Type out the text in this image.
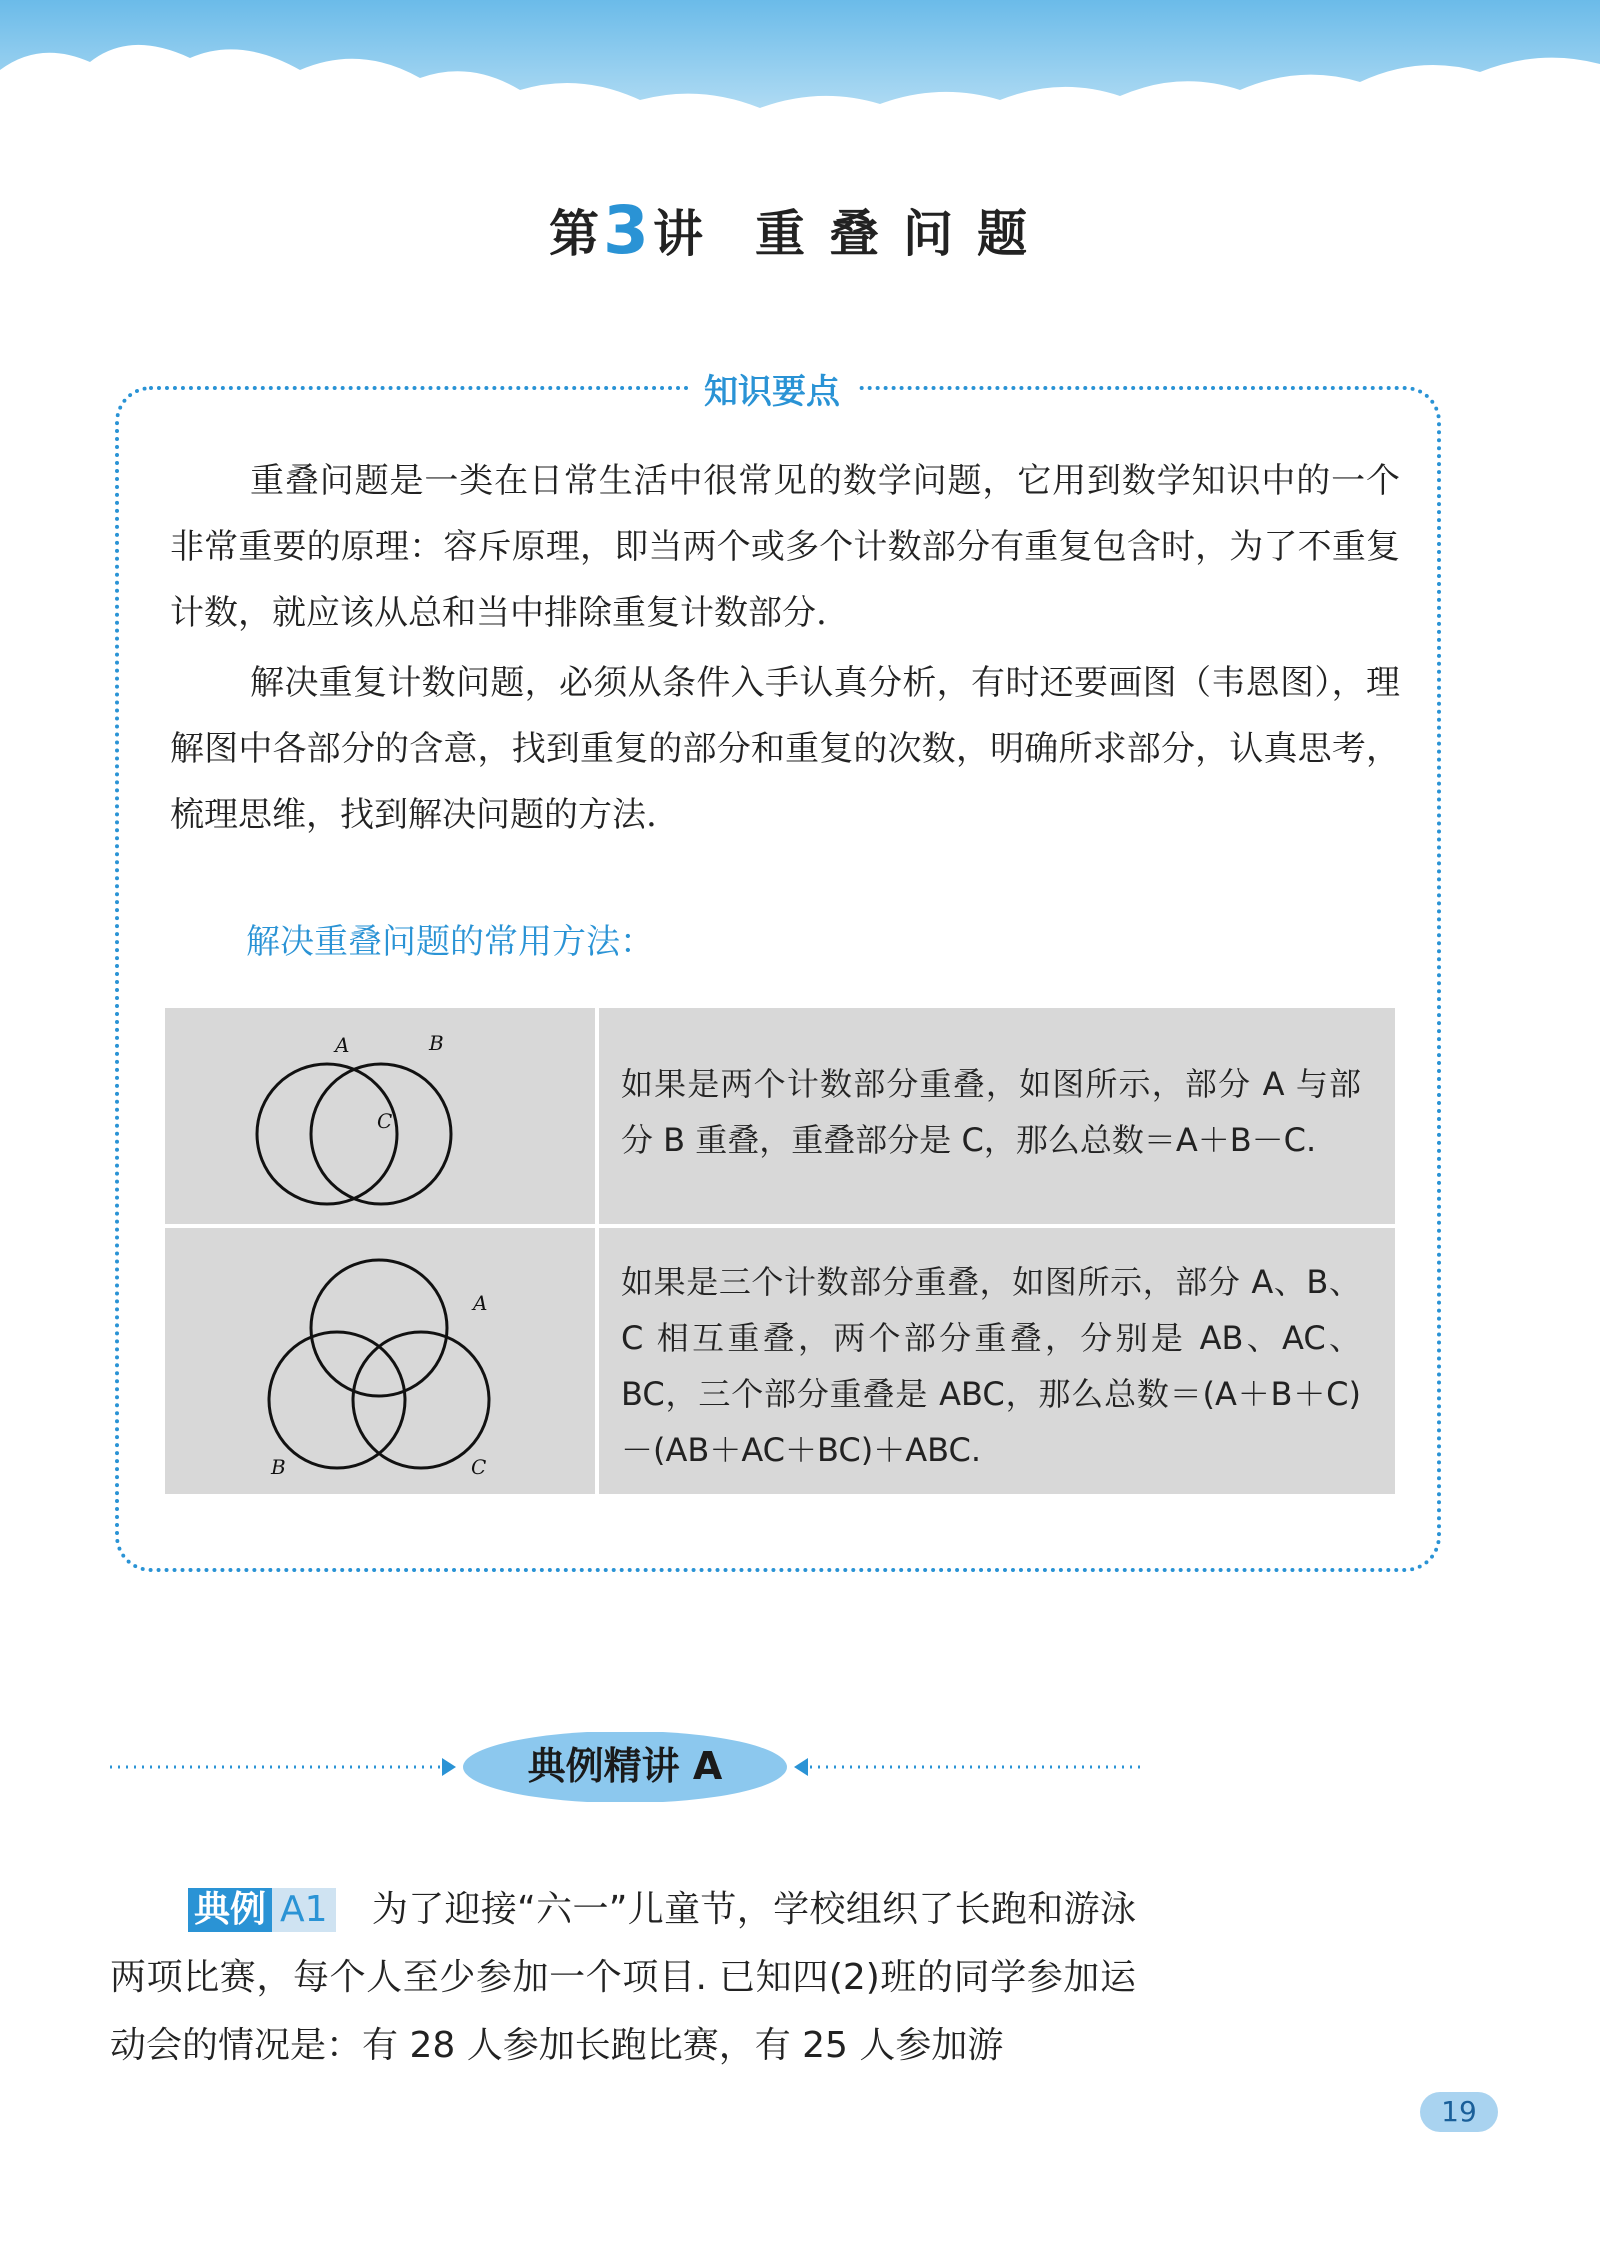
第3讲 重叠问题
知识要点
重叠问题是一类在日常生活中很常见的数学问题，它用到数学知识中的一个非常重要的原理：容斥原理，即当两个或多个计数部分有重复包含时，为了不重复计数，就应该从总和当中排除重复计数部分.
解决重复计数问题，必须从条件入手认真分析，有时还要画图（韦恩图），理解图中各部分的含意，找到重复的部分和重复的次数，明确所求部分，认真思考，梳理思维，找到解决问题的方法.
解决重叠问题的常用方法：
A	B
C
如果是两个计数部分重叠，如图所示，部分 A 与部分 B 重叠，重叠部分是 C，那么总数＝A＋B－C.
A
B	C
如果是三个计数部分重叠，如图所示，部分 A、B、C 相互重叠，两个部分重叠，分别是 AB、AC、BC，三个部分重叠是 ABC，那么总数＝(A＋B＋C)－(AB＋AC＋BC)＋ABC.
典例精讲 A
典例 A1 为了迎接“六一”儿童节，学校组织了长跑和游泳两项比赛，每个人至少参加一个项目. 已知四(2)班的同学参加运动会的情况是：有 28 人参加长跑比赛，有 25 人参加游
19
